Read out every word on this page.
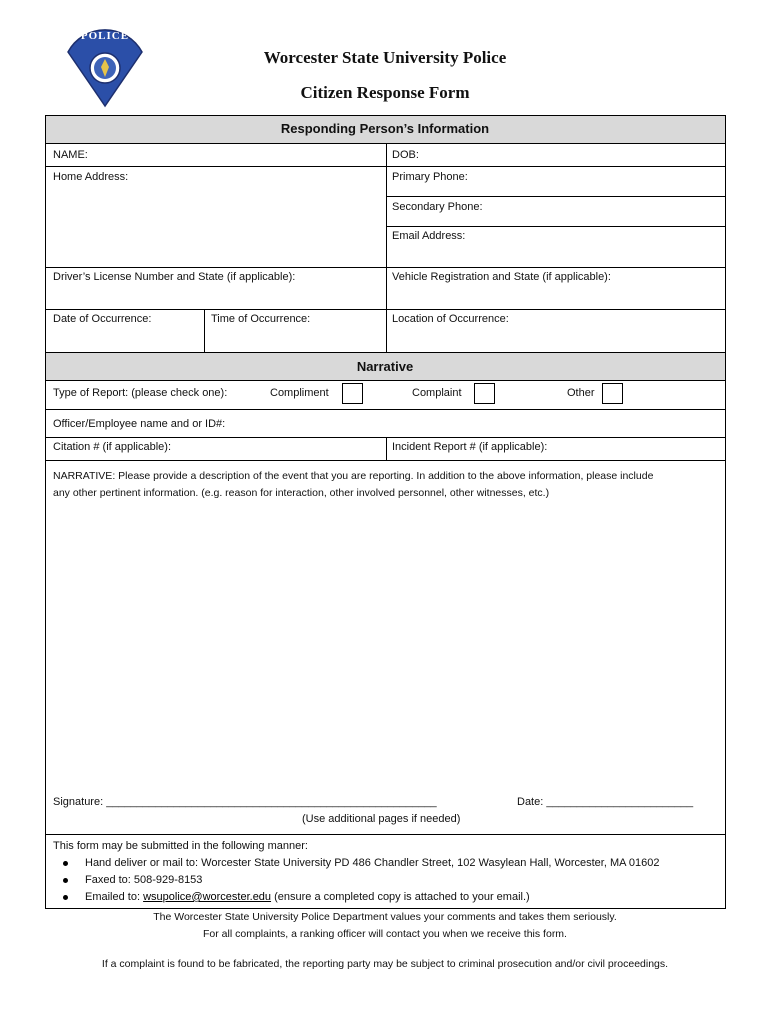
POLICE
Worcester State University Police
Citizen Response Form
Responding Person’s Information
Narrative
NAME:	DOB:
Home Address:	Primary Phone:
Secondary Phone:
Email Address:
Driver’s License Number and State (if applicable):	Vehicle Registration and State (if applicable):
Date of Occurrence:	Time of Occurrence:	Location of Occurrence:
Type of Report: (please check one):	Compliment	Complaint	Other
Officer/Employee name and or ID#:
Citation # (if applicable):	Incident Report # (if applicable):
NARRATIVE: Please provide a description of the event that you are reporting. In addition to the above information, please include
any other pertinent information. (e.g. reason for interaction, other involved personnel, other witnesses, etc.)
Signature: ______________________________________________________	Date: ________________________
(Use additional pages if needed)
This form may be submitted in the following manner:
Hand deliver or mail to: Worcester State University PD 486 Chandler Street, 102 Wasylean Hall, Worcester, MA 01602
Faxed to: 508-929-8153
Emailed to: wsupolice@worcester.edu (ensure a completed copy is attached to your email.)
The Worcester State University Police Department values your comments and takes them seriously.
For all complaints, a ranking officer will contact you when we receive this form.
If a complaint is found to be fabricated, the reporting party may be subject to criminal prosecution and/or civil proceedings.
